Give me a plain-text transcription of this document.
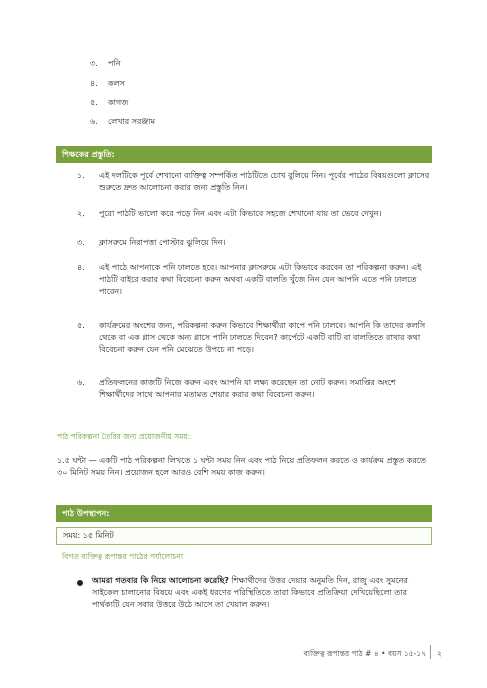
৩. পনি
৪. কলস
৫. কাগজ
৬. লেখার সরঞ্জাম
শিক্ষকের প্রস্তুতি:
১.	এই দলটিকে পূর্বে শেখানো ব্যক্তিত্ব সম্পর্কিত পাঠটিতে চোখ বুলিয়ে নিন। পূর্বের পাঠের বিষয়গুলো ক্লাসের শুরুতে দ্রুত আলোচনা করার জন্য প্রস্তুতি নিন।
২.	পুরো পাঠটি ভালো করে পড়ে নিন এবং এটা কিভাবে সহজে শেখানো যায় তা ভেবে দেখুন।
৩.	ক্লাসরুমে নিরাপত্তা পোস্টার ঝুলিয়ে দিন।
৪.	এই পাঠে আপনাকে পনি ঢালতে হবে। আপনার ক্লাসরুমে এটা কিভাবে করবেন তা পরিকল্পনা করুন। এই পাঠটি বাইরে করার কথা বিবেচনা করুন অথবা একটি বালতি খুঁজে নিন যেন আপনি এতে পনি ঢালতে পারেন।
৫.	কার্যক্রমের অংশের জন্য, পরিকল্পনা করুন কিভাবে শিক্ষার্থীরা কাপে পনি ঢালবে। আপনি কি তাদের কলসি থেকে বা এক গ্লাস থেকে অন্য গ্লাসে পানি ঢালতে দিবেন? কার্পেটে একটি বাটি বা বালতিতে রাখার কথা বিবেচনা করুন যেন পনি মেঝেতে উপচে না পড়ে।
৬.	প্রতিফলনের কাজটি নিজে করুন এবং আপনি যা লক্ষ্য করেছেন তা নোট করুন। সমাপ্তির অংশে শিক্ষার্থীদের সাথে আপনার মতামত শেয়ার করার কথা বিবেচনা করুন।
পাঠ পরিকল্পনা তৈরির জন্য প্রয়োজনীয় সময়:
১.৫ ঘন্টা — একটি পাঠ পরিকল্পনা লিখতে ১ ঘন্টা সময় নিন এবং পাঠ নিয়ে প্রতিফলন করতে ও কার্যক্রম প্রস্তুত করতে ৩০ মিনিট সময় নিন। প্রয়োজন হলে আরও বেশি সময় কাজ করুন।
পাঠ উপস্থাপন:
সময়: ১৫ মিনিট
বিগত ব্যক্তিত্ব রূপান্তর পাঠের পর্যালোচনা
আমরা গতবার কি নিয়ে আলোচনা করেছি? শিক্ষার্থীদের উত্তর দেয়ার অনুমতি দিন, রাজু এবং সুমনের সাইকেল চালানোর বিষয়ে এবং একই ধরণের পরিস্থিতিতে তারা কিভাবে প্রতিক্রিয়া দেখিয়েছিলো তার পার্থক্যটি যেন সবার উত্তরে উঠে আসে তা খেয়াল করুন।
ব্যক্তিত্ব রূপান্তর পাঠ # ৪ • বয়স ১৫-১৭ ২
